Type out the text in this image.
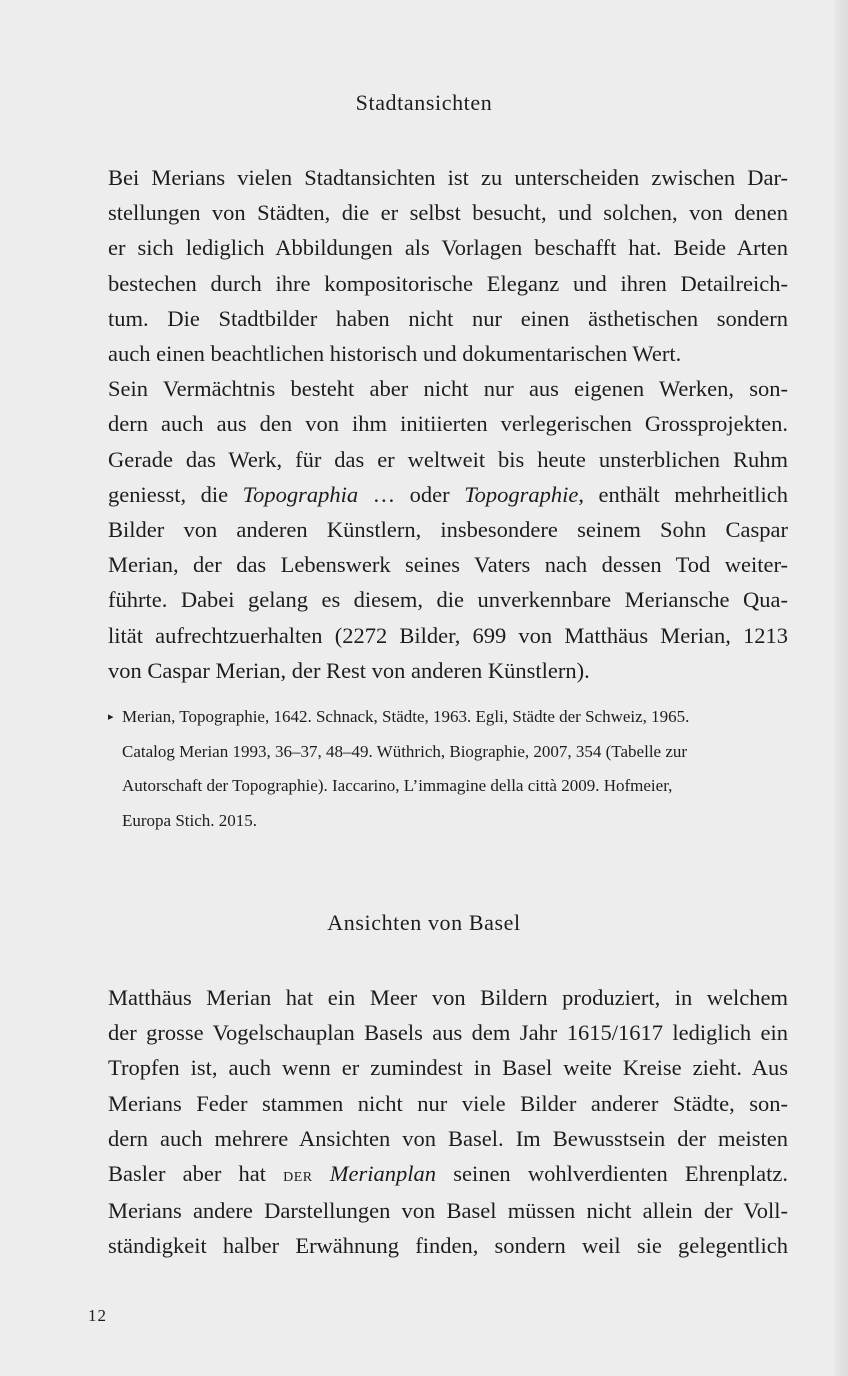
Stadtansichten
Bei Merians vielen Stadtansichten ist zu unterscheiden zwischen Dar-
stellungen von Städten, die er selbst besucht, und solchen, von denen
er sich lediglich Abbildungen als Vorlagen beschafft hat. Beide Arten
bestechen durch ihre kompositorische Eleganz und ihren Detailreich-
tum. Die Stadtbilder haben nicht nur einen ästhetischen sondern
auch einen beachtlichen historisch und dokumentarischen Wert.
Sein Vermächtnis besteht aber nicht nur aus eigenen Werken, son-
dern auch aus den von ihm initiierten verlegerischen Grossprojekten.
Gerade das Werk, für das er weltweit bis heute unsterblichen Ruhm
geniesst, die Topographia … oder Topographie, enthält mehrheitlich
Bilder von anderen Künstlern, insbesondere seinem Sohn Caspar
Merian, der das Lebenswerk seines Vaters nach dessen Tod weiter-
führte. Dabei gelang es diesem, die unverkennbare Meriansche Qua-
lität aufrechtzuerhalten (2272 Bilder, 699 von Matthäus Merian, 1213
von Caspar Merian, der Rest von anderen Künstlern).
▸ Merian, Topographie, 1642. Schnack, Städte, 1963. Egli, Städte der Schweiz, 1965.
Catalog Merian 1993, 36–37, 48–49. Wüthrich, Biographie, 2007, 354 (Tabelle zur
Autorschaft der Topographie). Iaccarino, L’immagine della città 2009. Hofmeier,
Europa Stich. 2015.
Ansichten von Basel
Matthäus Merian hat ein Meer von Bildern produziert, in welchem
der grosse Vogelschauplan Basels aus dem Jahr 1615/1617 lediglich ein
Tropfen ist, auch wenn er zumindest in Basel weite Kreise zieht. Aus
Merians Feder stammen nicht nur viele Bilder anderer Städte, son-
dern auch mehrere Ansichten von Basel. Im Bewusstsein der meisten
Basler aber hat der Merianplan seinen wohlverdienten Ehrenplatz.
Merians andere Darstellungen von Basel müssen nicht allein der Voll-
ständigkeit halber Erwähnung finden, sondern weil sie gelegentlich
12
